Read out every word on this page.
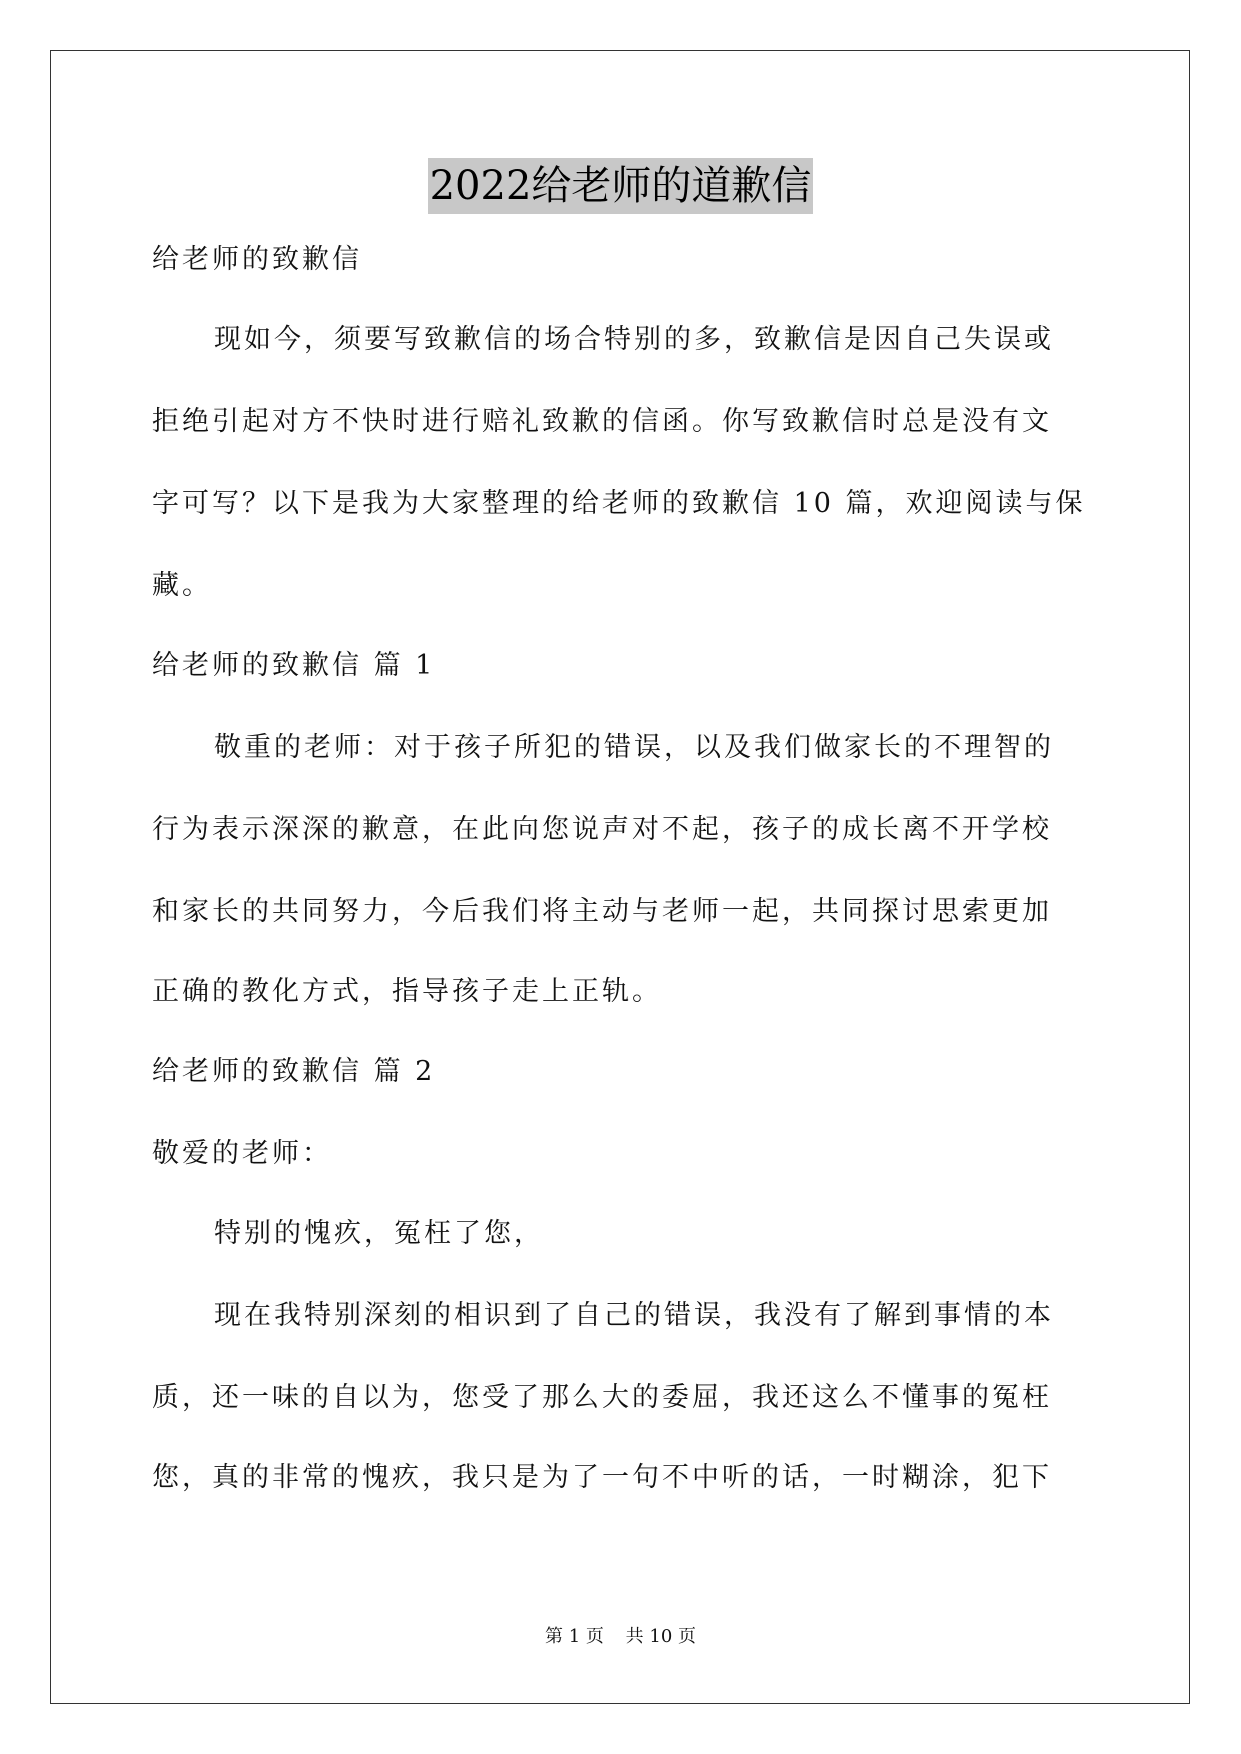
2022给老师的道歉信
给老师的致歉信
现如今，须要写致歉信的场合特别的多，致歉信是因自己失误或
拒绝引起对方不快时进行赔礼致歉的信函。你写致歉信时总是没有文
字可写？以下是我为大家整理的给老师的致歉信 10 篇，欢迎阅读与保
藏。
给老师的致歉信 篇 1
敬重的老师：对于孩子所犯的错误，以及我们做家长的不理智的
行为表示深深的歉意，在此向您说声对不起，孩子的成长离不开学校
和家长的共同努力，今后我们将主动与老师一起，共同探讨思索更加
正确的教化方式，指导孩子走上正轨。
给老师的致歉信 篇 2
敬爱的老师：
特别的愧疚，冤枉了您，
现在我特别深刻的相识到了自己的错误，我没有了解到事情的本
质，还一味的自以为，您受了那么大的委屈，我还这么不懂事的冤枉
您，真的非常的愧疚，我只是为了一句不中听的话，一时糊涂，犯下
第 1 页 共 10 页
